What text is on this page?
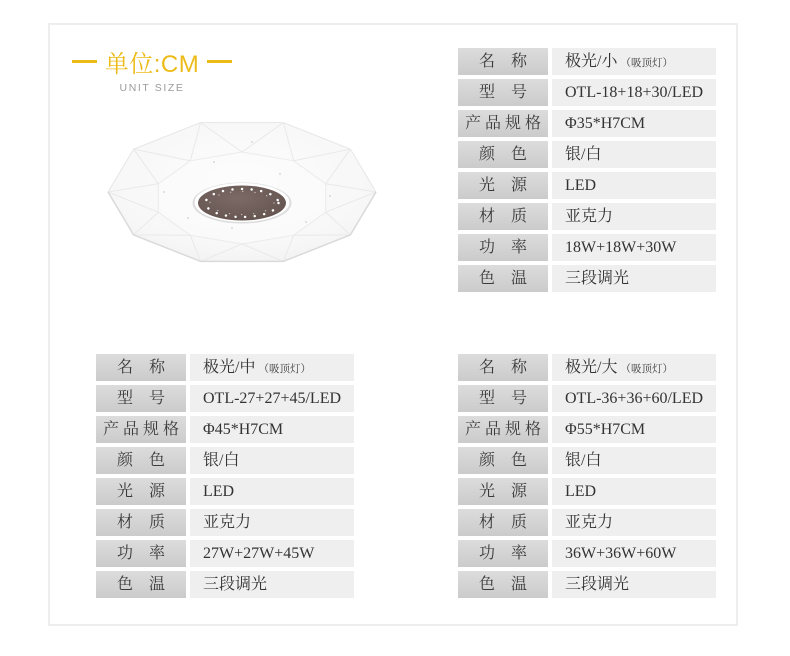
单位:CM
UNIT SIZE
名　称	极光/小 （吸顶灯）
型　号	OTL-18+18+30/LED
产 品 规 格	Φ35*H7CM
颜　色	银/白
光　源	LED
材　质	亚克力
功　率	18W+18W+30W
色　温	三段调光
名　称	极光/中 （吸顶灯）
型　号	OTL-27+27+45/LED
产 品 规 格	Φ45*H7CM
颜　色	银/白
光　源	LED
材　质	亚克力
功　率	27W+27W+45W
色　温	三段调光
名　称	极光/大 （吸顶灯）
型　号	OTL-36+36+60/LED
产 品 规 格	Φ55*H7CM
颜　色	银/白
光　源	LED
材　质	亚克力
功　率	36W+36W+60W
色　温	三段调光
